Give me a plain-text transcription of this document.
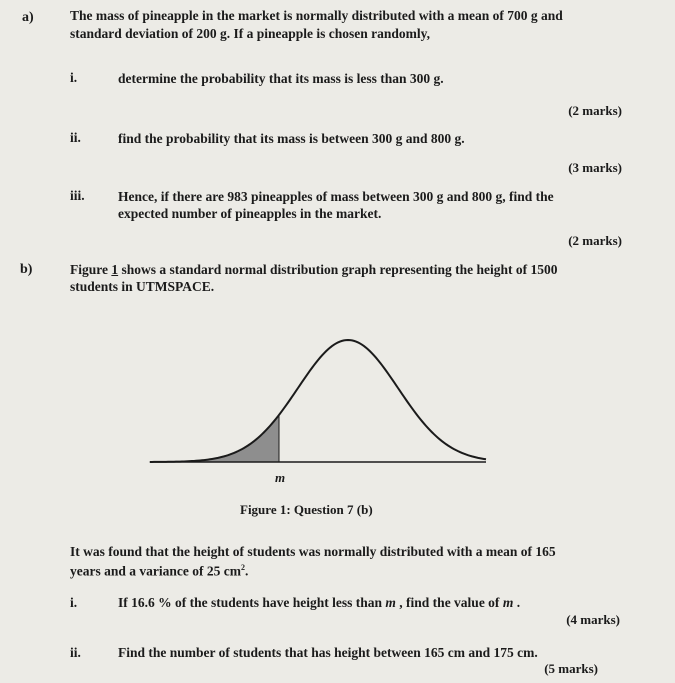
a)	The mass of pineapple in the market is normally distributed with a mean of 700 g and
standard deviation of 200 g. If a pineapple is chosen randomly,
i.	determine the probability that its mass is less than 300 g.
(2 marks)
ii.	find the probability that its mass is between 300 g and 800 g.
(3 marks)
iii. Hence, if there are 983 pineapples of mass between 300 g and 800 g, find the
expected number of pineapples in the market.
(2 marks)
b)	Figure 1 shows a standard normal distribution graph representing the height of 1500
students in UTMSPACE.
m
Figure 1: Question 7 (b)
It was found that the height of students was normally distributed with a mean of 165
years and a variance of 25 $cm^2$.
i.	If 16.6 % of the students have height less than m , find the value of m .
(4 marks)
ii.	Find the number of students that has height between 165 cm and 175 cm.
(5 marks)
